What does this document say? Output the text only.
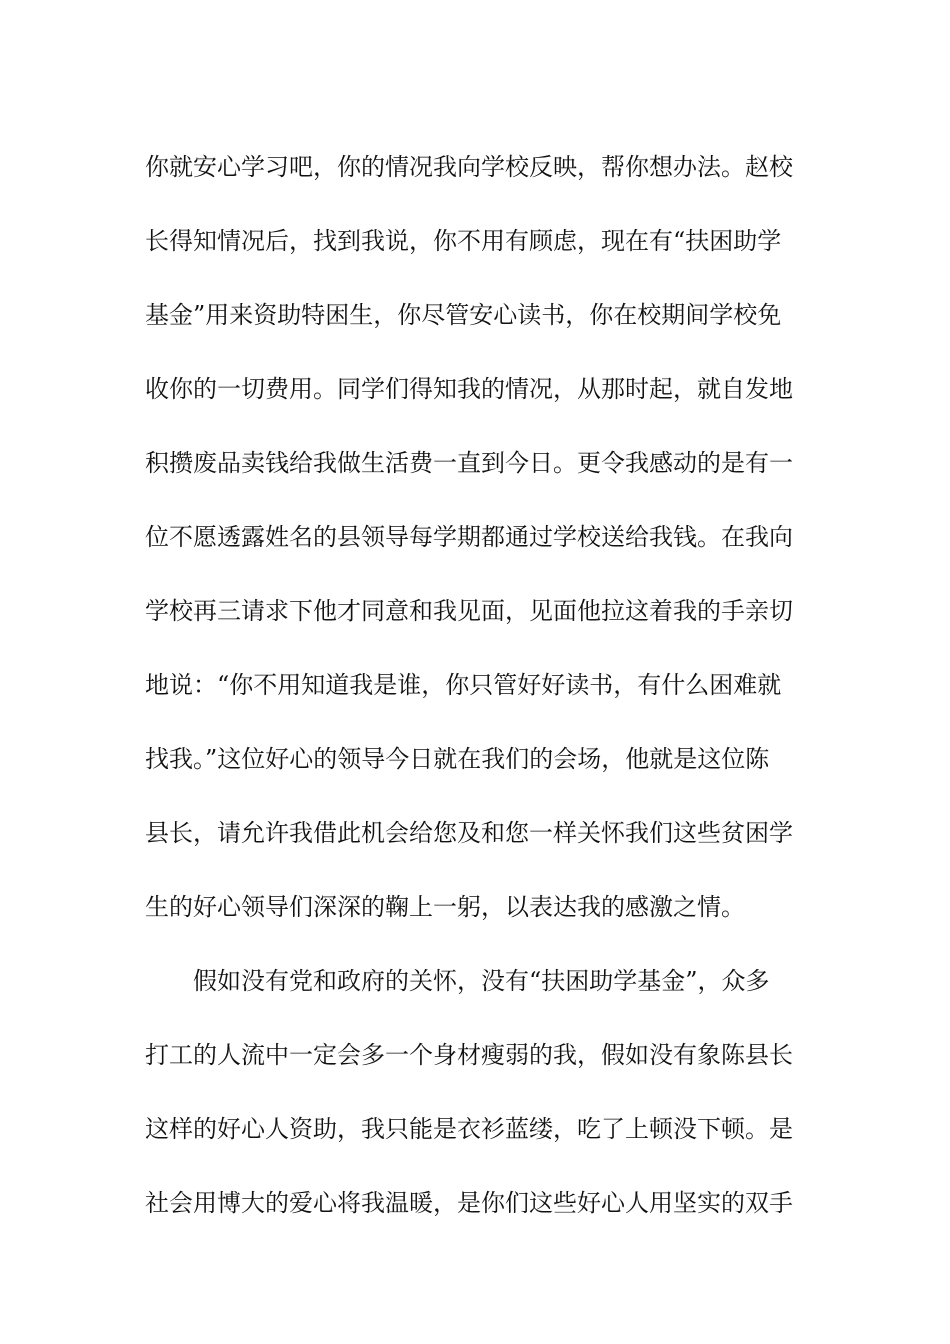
你就安心学习吧，你的情况我向学校反映，帮你想办法。赵校
长得知情况后，找到我说，你不用有顾虑，现在有“扶困助学
基金”用来资助特困生，你尽管安心读书，你在校期间学校免
收你的一切费用。同学们得知我的情况，从那时起，就自发地
积攒废品卖钱给我做生活费一直到今日。更令我感动的是有一
位不愿透露姓名的县领导每学期都通过学校送给我钱。在我向
学校再三请求下他才同意和我见面，见面他拉这着我的手亲切
地说：“你不用知道我是谁，你只管好好读书，有什么困难就
找我。”这位好心的领导今日就在我们的会场，他就是这位陈
县长，请允许我借此机会给您及和您一样关怀我们这些贫困学
生的好心领导们深深的鞠上一躬，以表达我的感激之情。
假如没有党和政府的关怀，没有“扶困助学基金”，众多
打工的人流中一定会多一个身材瘦弱的我，假如没有象陈县长
这样的好心人资助，我只能是衣衫蓝缕，吃了上顿没下顿。是
社会用博大的爱心将我温暖，是你们这些好心人用坚实的双手
